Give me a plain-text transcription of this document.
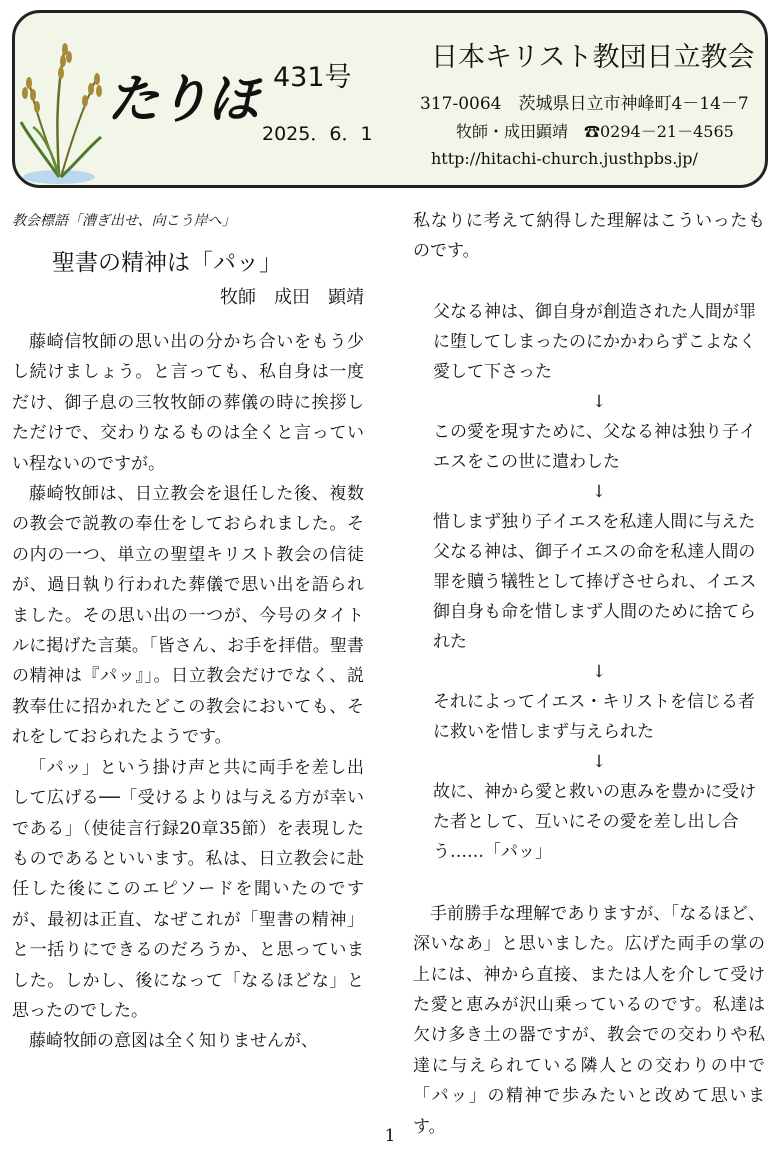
たりほ 431号
2025．6．1
日本キリスト教団日立教会
317-0064　茨城県日立市神峰町4－14－7
牧師・成田顕靖　☎0294－21－4565
http://hitachi-church.justhpbs.jp/

教会標語「漕ぎ出せ、向こう岸へ」

聖書の精神は「パッ」

牧師　成田　顕靖

藤崎信牧師の思い出の分かち合いをもう少し続けましょう。と言っても、私自身は一度だけ、御子息の三牧牧師の葬儀の時に挨拶しただけで、交わりなるものは全くと言っていい程ないのですが。

藤崎牧師は、日立教会を退任した後、複数の教会で説教の奉仕をしておられました。その内の一つ、単立の聖望キリスト教会の信徒が、過日執り行われた葬儀で思い出を語られました。その思い出の一つが、今号のタイトルに掲げた言葉。「皆さん、お手を拝借。聖書の精神は『パッ』」。日立教会だけでなく、説教奉仕に招かれたどこの教会においても、それをしておられたようです。

「パッ」という掛け声と共に両手を差し出して広げる──「受けるよりは与える方が幸いである」（使徒言行録20章35節）を表現したものであるといいます。私は、日立教会に赴任した後にこのエピソードを聞いたのですが、最初は正直、なぜこれが「聖書の精神」と一括りにできるのだろうか、と思っていました。しかし、後になって「なるほどな」と思ったのでした。

藤崎牧師の意図は全く知りませんが、

私なりに考えて納得した理解はこういったものです。

父なる神は、御自身が創造された人間が罪に堕してしまったのにかかわらずこよなく愛して下さった

↓

この愛を現すために、父なる神は独り子イエスをこの世に遣わした

↓

惜しまず独り子イエスを私達人間に与えた父なる神は、御子イエスの命を私達人間の罪を贖う犠牲として捧げさせられ、イエス御自身も命を惜しまず人間のために捨てられた

↓

それによってイエス・キリストを信じる者に救いを惜しまず与えられた

↓

故に、神から愛と救いの恵みを豊かに受けた者として、互いにその愛を差し出し合う……「パッ」

手前勝手な理解でありますが、「なるほど、深いなあ」と思いました。広げた両手の掌の上には、神から直接、または人を介して受けた愛と恵みが沢山乗っているのです。私達は欠け多き土の器ですが、教会での交わりや私達に与えられている隣人との交わりの中で「パッ」の精神で歩みたいと改めて思います。

1
